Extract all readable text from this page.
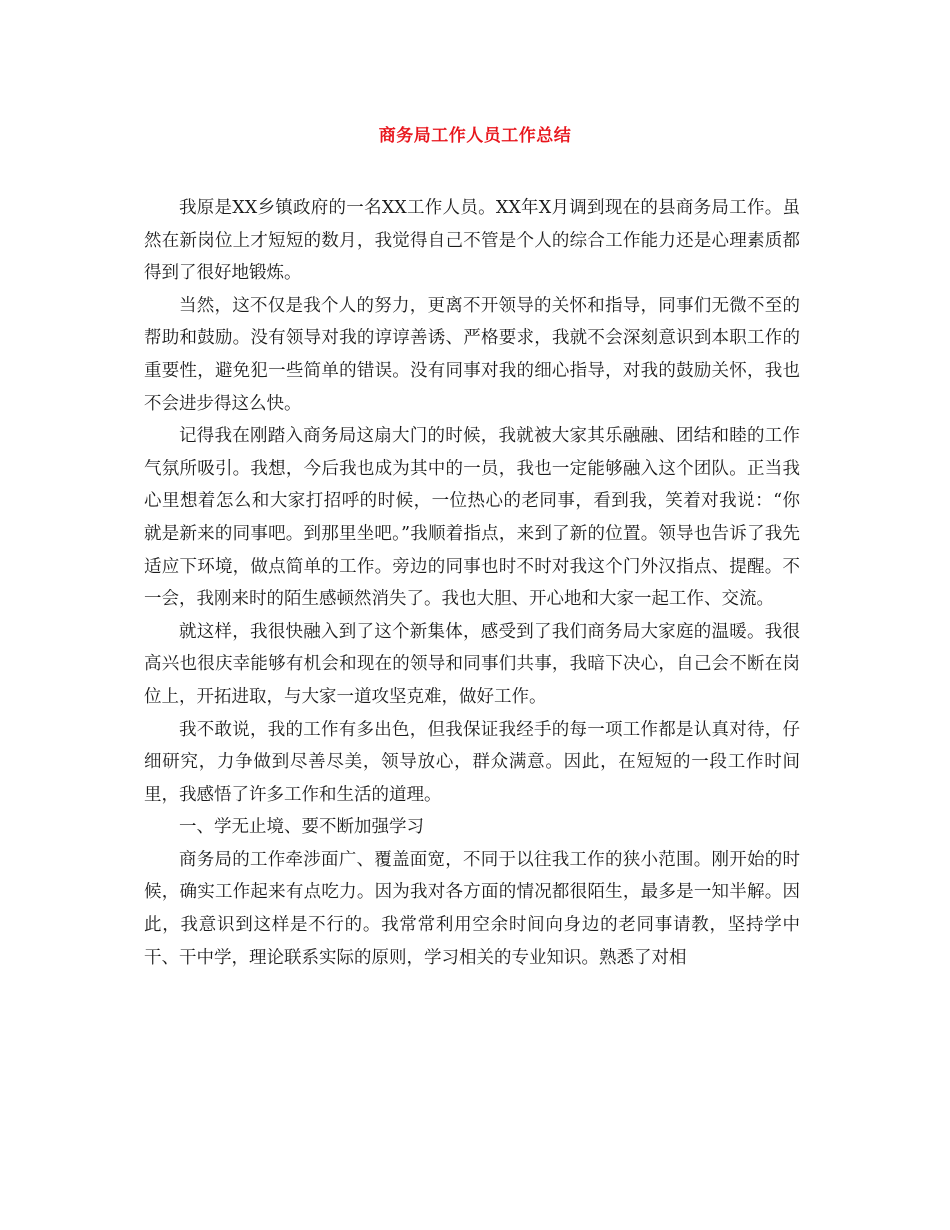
商务局工作人员工作总结

我原是XX乡镇政府的一名XX工作人员。XX年X月调到现在的县商务局工作。虽然在新岗位上才短短的数月，我觉得自己不管是个人的综合工作能力还是心理素质都得到了很好地锻炼。

当然，这不仅是我个人的努力，更离不开领导的关怀和指导，同事们无微不至的帮助和鼓励。没有领导对我的谆谆善诱、严格要求，我就不会深刻意识到本职工作的重要性，避免犯一些简单的错误。没有同事对我的细心指导，对我的鼓励关怀，我也不会进步得这么快。

记得我在刚踏入商务局这扇大门的时候，我就被大家其乐融融、团结和睦的工作气氛所吸引。我想，今后我也成为其中的一员，我也一定能够融入这个团队。正当我心里想着怎么和大家打招呼的时候，一位热心的老同事，看到我，笑着对我说：“你就是新来的同事吧。到那里坐吧。”我顺着指点，来到了新的位置。领导也告诉了我先适应下环境，做点简单的工作。旁边的同事也时不时对我这个门外汉指点、提醒。不一会，我刚来时的陌生感顿然消失了。我也大胆、开心地和大家一起工作、交流。

就这样，我很快融入到了这个新集体，感受到了我们商务局大家庭的温暖。我很高兴也很庆幸能够有机会和现在的领导和同事们共事，我暗下决心，自己会不断在岗位上，开拓进取，与大家一道攻坚克难，做好工作。

我不敢说，我的工作有多出色，但我保证我经手的每一项工作都是认真对待，仔细研究，力争做到尽善尽美，领导放心，群众满意。因此，在短短的一段工作时间里，我感悟了许多工作和生活的道理。

一、学无止境、要不断加强学习

商务局的工作牵涉面广、覆盖面宽，不同于以往我工作的狭小范围。刚开始的时候，确实工作起来有点吃力。因为我对各方面的情况都很陌生，最多是一知半解。因此，我意识到这样是不行的。我常常利用空余时间向身边的老同事请教，坚持学中干、干中学，理论联系实际的原则，学习相关的专业知识。熟悉了对相
